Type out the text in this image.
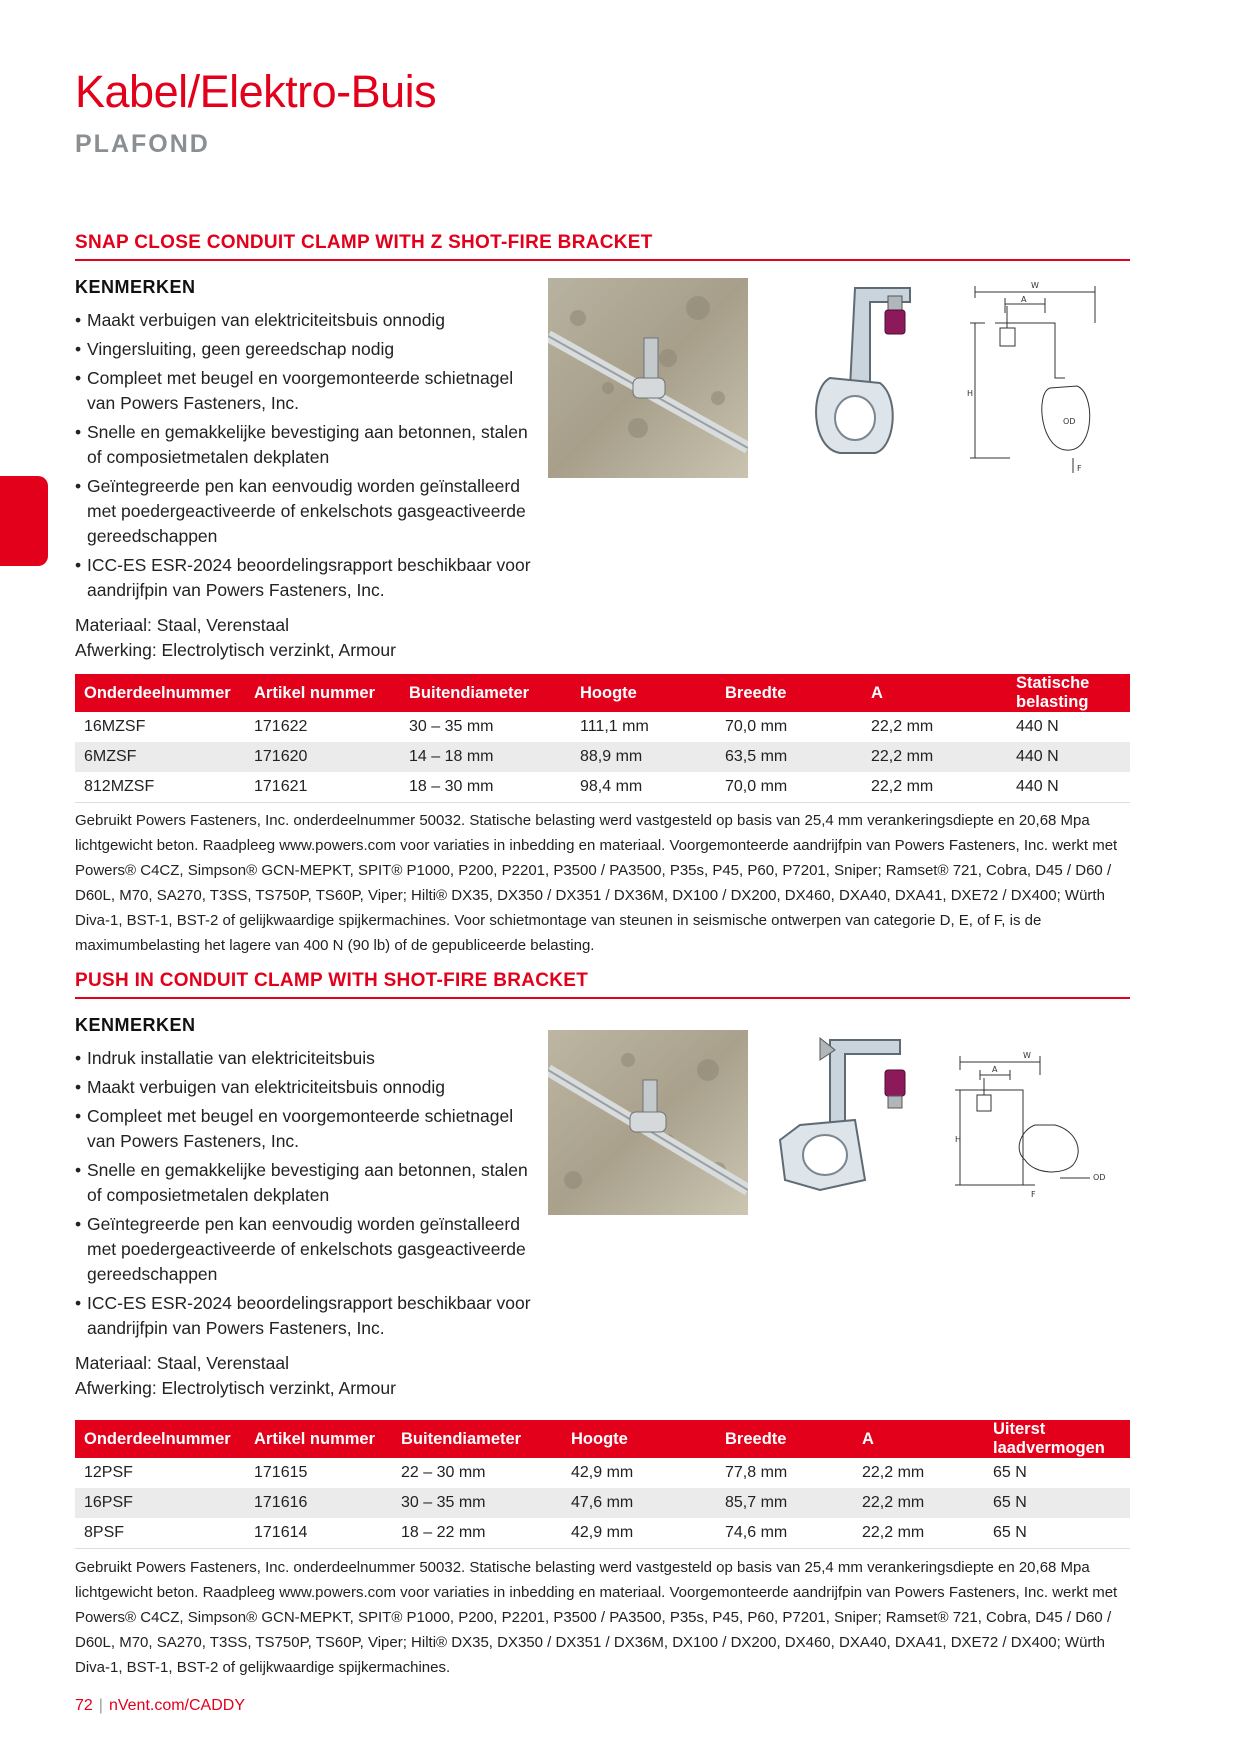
Kabel/Elektro-Buis
PLAFOND
SNAP CLOSE CONDUIT CLAMP WITH Z SHOT-FIRE BRACKET
KENMERKEN
• Maakt verbuigen van elektriciteitsbuis onnodig
• Vingersluiting, geen gereedschap nodig
• Compleet met beugel en voorgemonteerde schietnagel van Powers Fasteners, Inc.
• Snelle en gemakkelijke bevestiging aan betonnen, stalen of composietmetalen dekplaten
• Geïntegreerde pen kan eenvoudig worden geïnstalleerd met poedergeactiveerde of enkelschots gasgeactiveerde gereedschappen
• ICC-ES ESR-2024 beoordelingsrapport beschikbaar voor aandrijfpin van Powers Fasteners, Inc.
Materiaal: Staal, Verenstaal
Afwerking: Electrolytisch verzinkt, Armour
W
A
H
OD
F
Onderdeelnummer	Artikel nummer	Buitendiameter	Hoogte	Breedte	A	Statische belasting
16MZSF	171622	30 – 35 mm	111,1 mm	70,0 mm	22,2 mm	440 N
6MZSF	171620	14 – 18 mm	88,9 mm	63,5 mm	22,2 mm	440 N
812MZSF	171621	18 – 30 mm	98,4 mm	70,0 mm	22,2 mm	440 N
Gebruikt Powers Fasteners, Inc. onderdeelnummer 50032. Statische belasting werd vastgesteld op basis van 25,4 mm verankeringsdiepte en 20,68 Mpa lichtgewicht beton. Raadpleeg www.powers.com voor variaties in inbedding en materiaal. Voorgemonteerde aandrijfpin van Powers Fasteners, Inc. werkt met Powers® C4CZ, Simpson® GCN-MEPKT, SPIT® P1000, P200, P2201, P3500 / PA3500, P35s, P45, P60, P7201, Sniper; Ramset® 721, Cobra, D45 / D60 / D60L, M70, SA270, T3SS, TS750P, TS60P, Viper; Hilti® DX35, DX350 / DX351 / DX36M, DX100 / DX200, DX460, DXA40, DXA41, DXE72 / DX400; Würth Diva-1, BST-1, BST-2 of gelijkwaardige spijkermachines. Voor schietmontage van steunen in seismische ontwerpen van categorie D, E, of F, is de maximumbelasting het lagere van 400 N (90 lb) of de gepubliceerde belasting.
PUSH IN CONDUIT CLAMP WITH SHOT-FIRE BRACKET
KENMERKEN
• Indruk installatie van elektriciteitsbuis
• Maakt verbuigen van elektriciteitsbuis onnodig
• Compleet met beugel en voorgemonteerde schietnagel van Powers Fasteners, Inc.
• Snelle en gemakkelijke bevestiging aan betonnen, stalen of composietmetalen dekplaten
• Geïntegreerde pen kan eenvoudig worden geïnstalleerd met poedergeactiveerde of enkelschots gasgeactiveerde gereedschappen
• ICC-ES ESR-2024 beoordelingsrapport beschikbaar voor aandrijfpin van Powers Fasteners, Inc.
Materiaal: Staal, Verenstaal
Afwerking: Electrolytisch verzinkt, Armour
W
A
H
OD
F
Onderdeelnummer	Artikel nummer	Buitendiameter	Hoogte	Breedte	A	Uiterst laadvermogen
12PSF	171615	22 – 30 mm	42,9 mm	77,8 mm	22,2 mm	65 N
16PSF	171616	30 – 35 mm	47,6 mm	85,7 mm	22,2 mm	65 N
8PSF	171614	18 – 22 mm	42,9 mm	74,6 mm	22,2 mm	65 N
Gebruikt Powers Fasteners, Inc. onderdeelnummer 50032. Statische belasting werd vastgesteld op basis van 25,4 mm verankeringsdiepte en 20,68 Mpa lichtgewicht beton. Raadpleeg www.powers.com voor variaties in inbedding en materiaal. Voorgemonteerde aandrijfpin van Powers Fasteners, Inc. werkt met Powers® C4CZ, Simpson® GCN-MEPKT, SPIT® P1000, P200, P2201, P3500 / PA3500, P35s, P45, P60, P7201, Sniper; Ramset® 721, Cobra, D45 / D60 / D60L, M70, SA270, T3SS, TS750P, TS60P, Viper; Hilti® DX35, DX350 / DX351 / DX36M, DX100 / DX200, DX460, DXA40, DXA41, DXE72 / DX400; Würth Diva-1, BST-1, BST-2 of gelijkwaardige spijkermachines.
72 | nVent.com/CADDY
